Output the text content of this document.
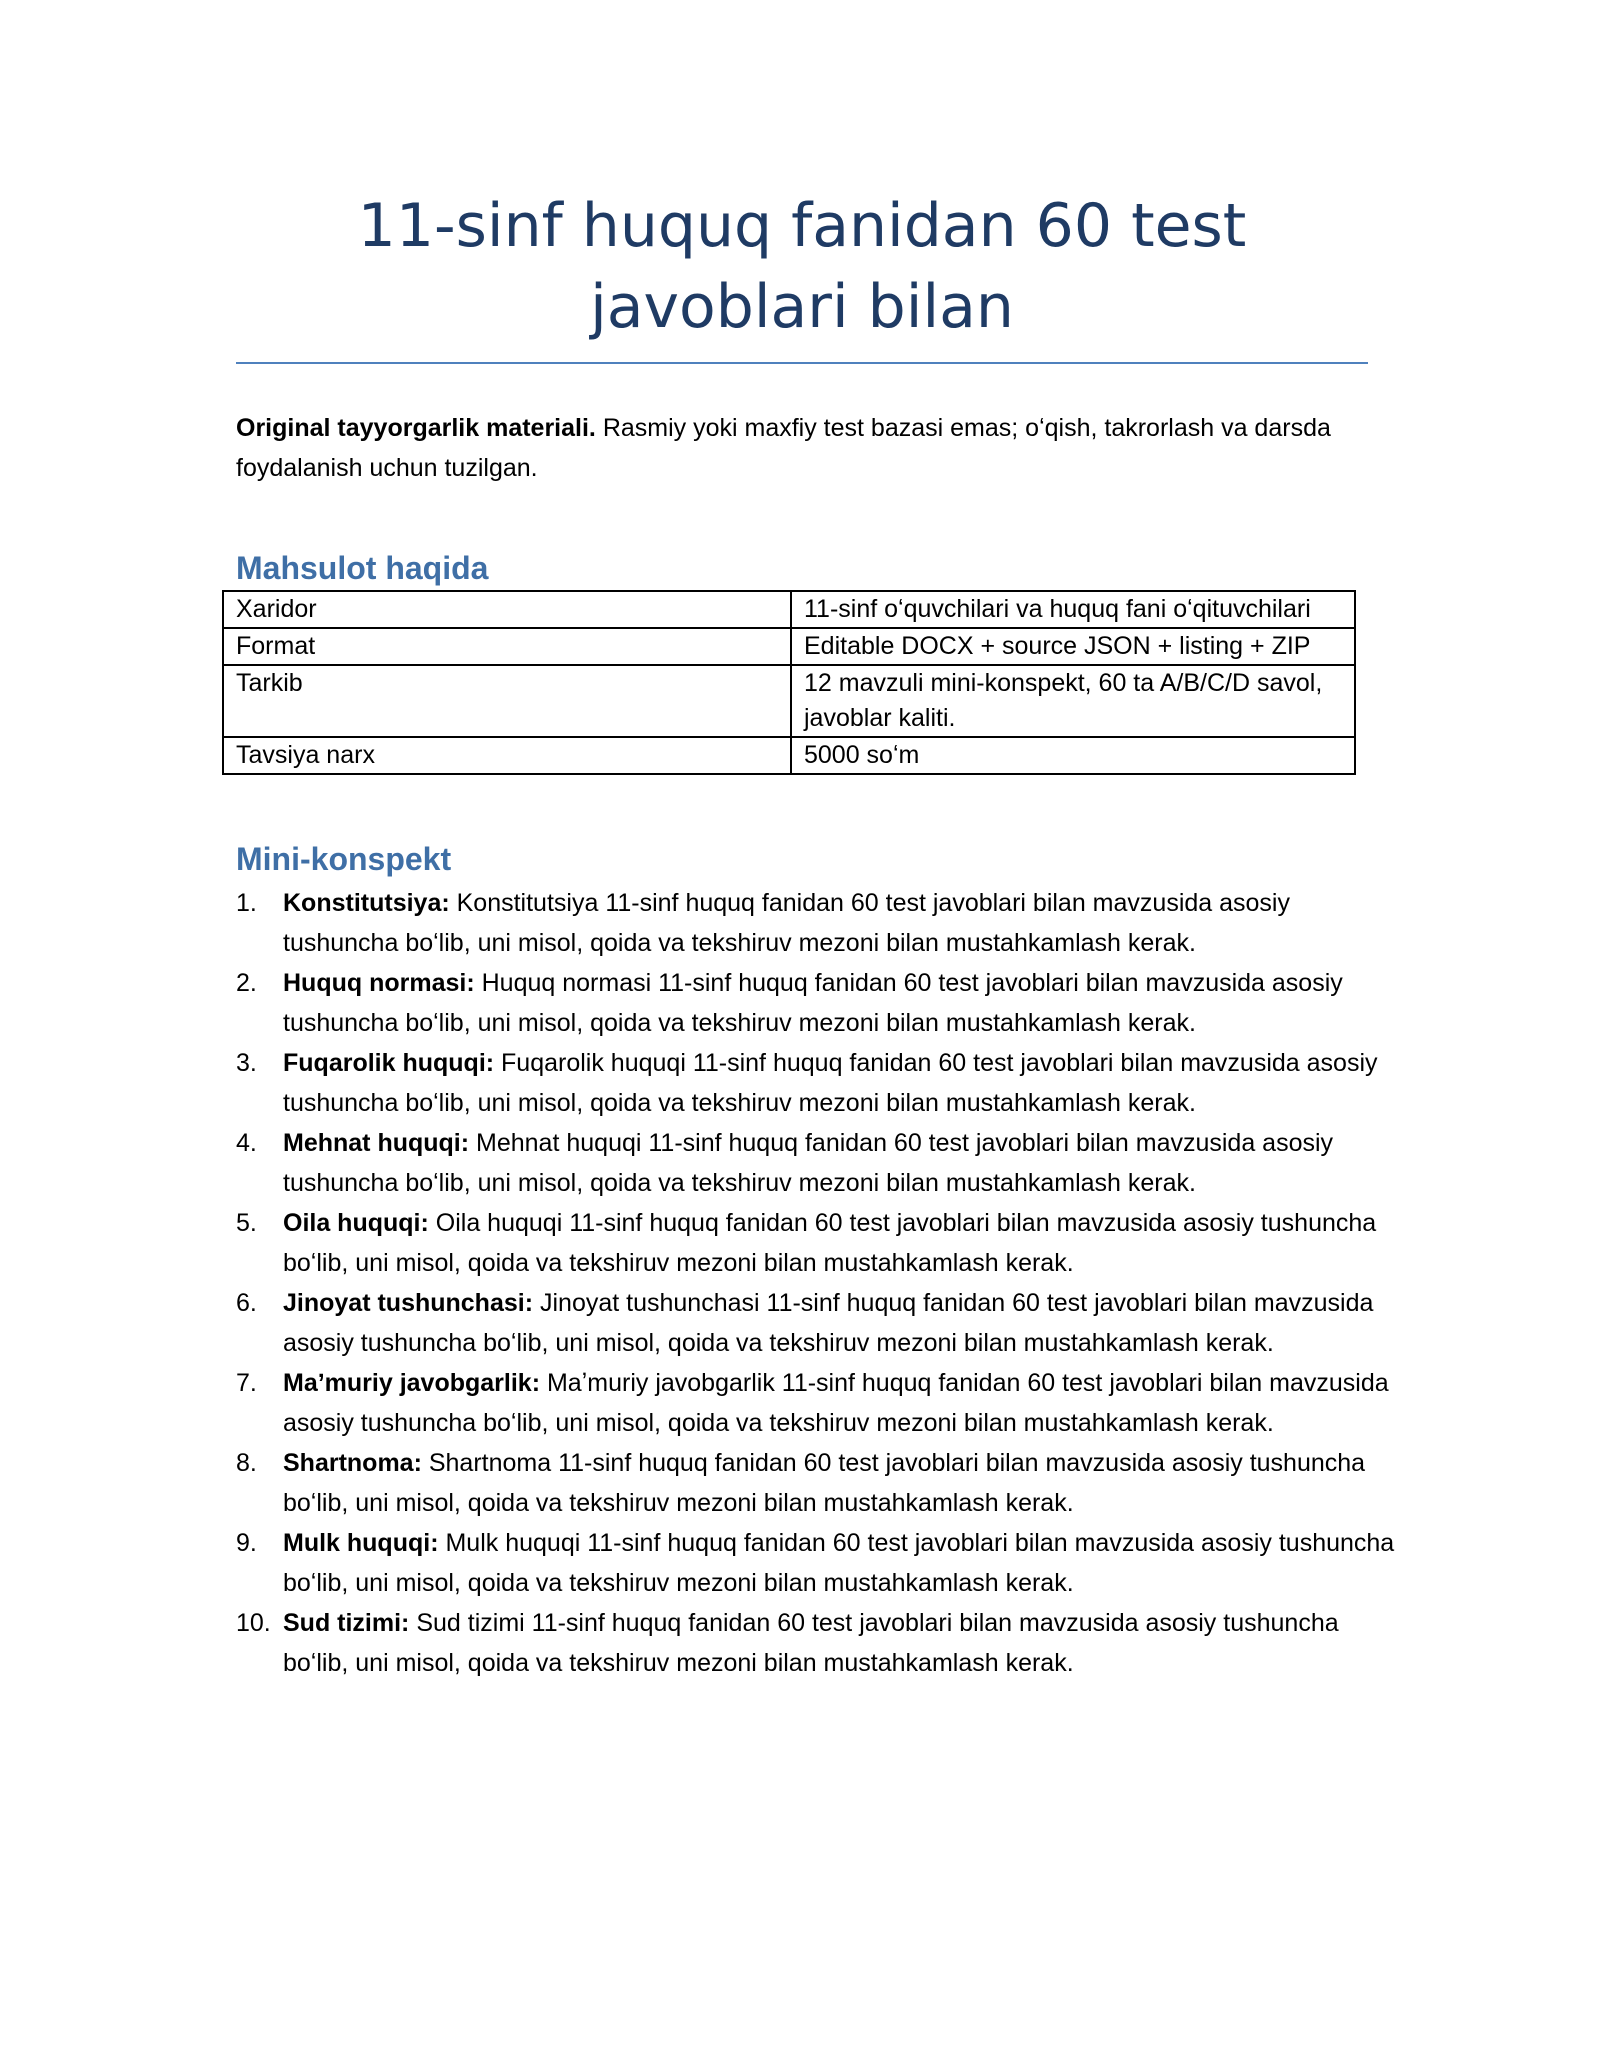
11-sinf huquq fanidan 60 test javoblari bilan

Original tayyorgarlik materiali. Rasmiy yoki maxfiy test bazasi emas; oʻqish, takrorlash va darsda foydalanish uchun tuzilgan.

Mahsulot haqida
Xaridor	11-sinf oʻquvchilari va huquq fani oʻqituvchilari
Format	Editable DOCX + source JSON + listing + ZIP
Tarkib	12 mavzuli mini-konspekt, 60 ta A/B/C/D savol, javoblar kaliti.
Tavsiya narx	5000 soʻm
Mini-konspekt
1. Konstitutsiya: Konstitutsiya 11-sinf huquq fanidan 60 test javoblari bilan mavzusida asosiy tushuncha boʻlib, uni misol, qoida va tekshiruv mezoni bilan mustahkamlash kerak.
2. Huquq normasi: Huquq normasi 11-sinf huquq fanidan 60 test javoblari bilan mavzusida asosiy tushuncha boʻlib, uni misol, qoida va tekshiruv mezoni bilan mustahkamlash kerak.
3. Fuqarolik huquqi: Fuqarolik huquqi 11-sinf huquq fanidan 60 test javoblari bilan mavzusida asosiy tushuncha boʻlib, uni misol, qoida va tekshiruv mezoni bilan mustahkamlash kerak.
4. Mehnat huquqi: Mehnat huquqi 11-sinf huquq fanidan 60 test javoblari bilan mavzusida asosiy tushuncha boʻlib, uni misol, qoida va tekshiruv mezoni bilan mustahkamlash kerak.
5. Oila huquqi: Oila huquqi 11-sinf huquq fanidan 60 test javoblari bilan mavzusida asosiy tushuncha boʻlib, uni misol, qoida va tekshiruv mezoni bilan mustahkamlash kerak.
6. Jinoyat tushunchasi: Jinoyat tushunchasi 11-sinf huquq fanidan 60 test javoblari bilan mavzusida asosiy tushuncha boʻlib, uni misol, qoida va tekshiruv mezoni bilan mustahkamlash kerak.
7. Maʼmuriy javobgarlik: Maʼmuriy javobgarlik 11-sinf huquq fanidan 60 test javoblari bilan mavzusida asosiy tushuncha boʻlib, uni misol, qoida va tekshiruv mezoni bilan mustahkamlash kerak.
8. Shartnoma: Shartnoma 11-sinf huquq fanidan 60 test javoblari bilan mavzusida asosiy tushuncha boʻlib, uni misol, qoida va tekshiruv mezoni bilan mustahkamlash kerak.
9. Mulk huquqi: Mulk huquqi 11-sinf huquq fanidan 60 test javoblari bilan mavzusida asosiy tushuncha boʻlib, uni misol, qoida va tekshiruv mezoni bilan mustahkamlash kerak.
10. Sud tizimi: Sud tizimi 11-sinf huquq fanidan 60 test javoblari bilan mavzusida asosiy tushuncha boʻlib, uni misol, qoida va tekshiruv mezoni bilan mustahkamlash kerak.
